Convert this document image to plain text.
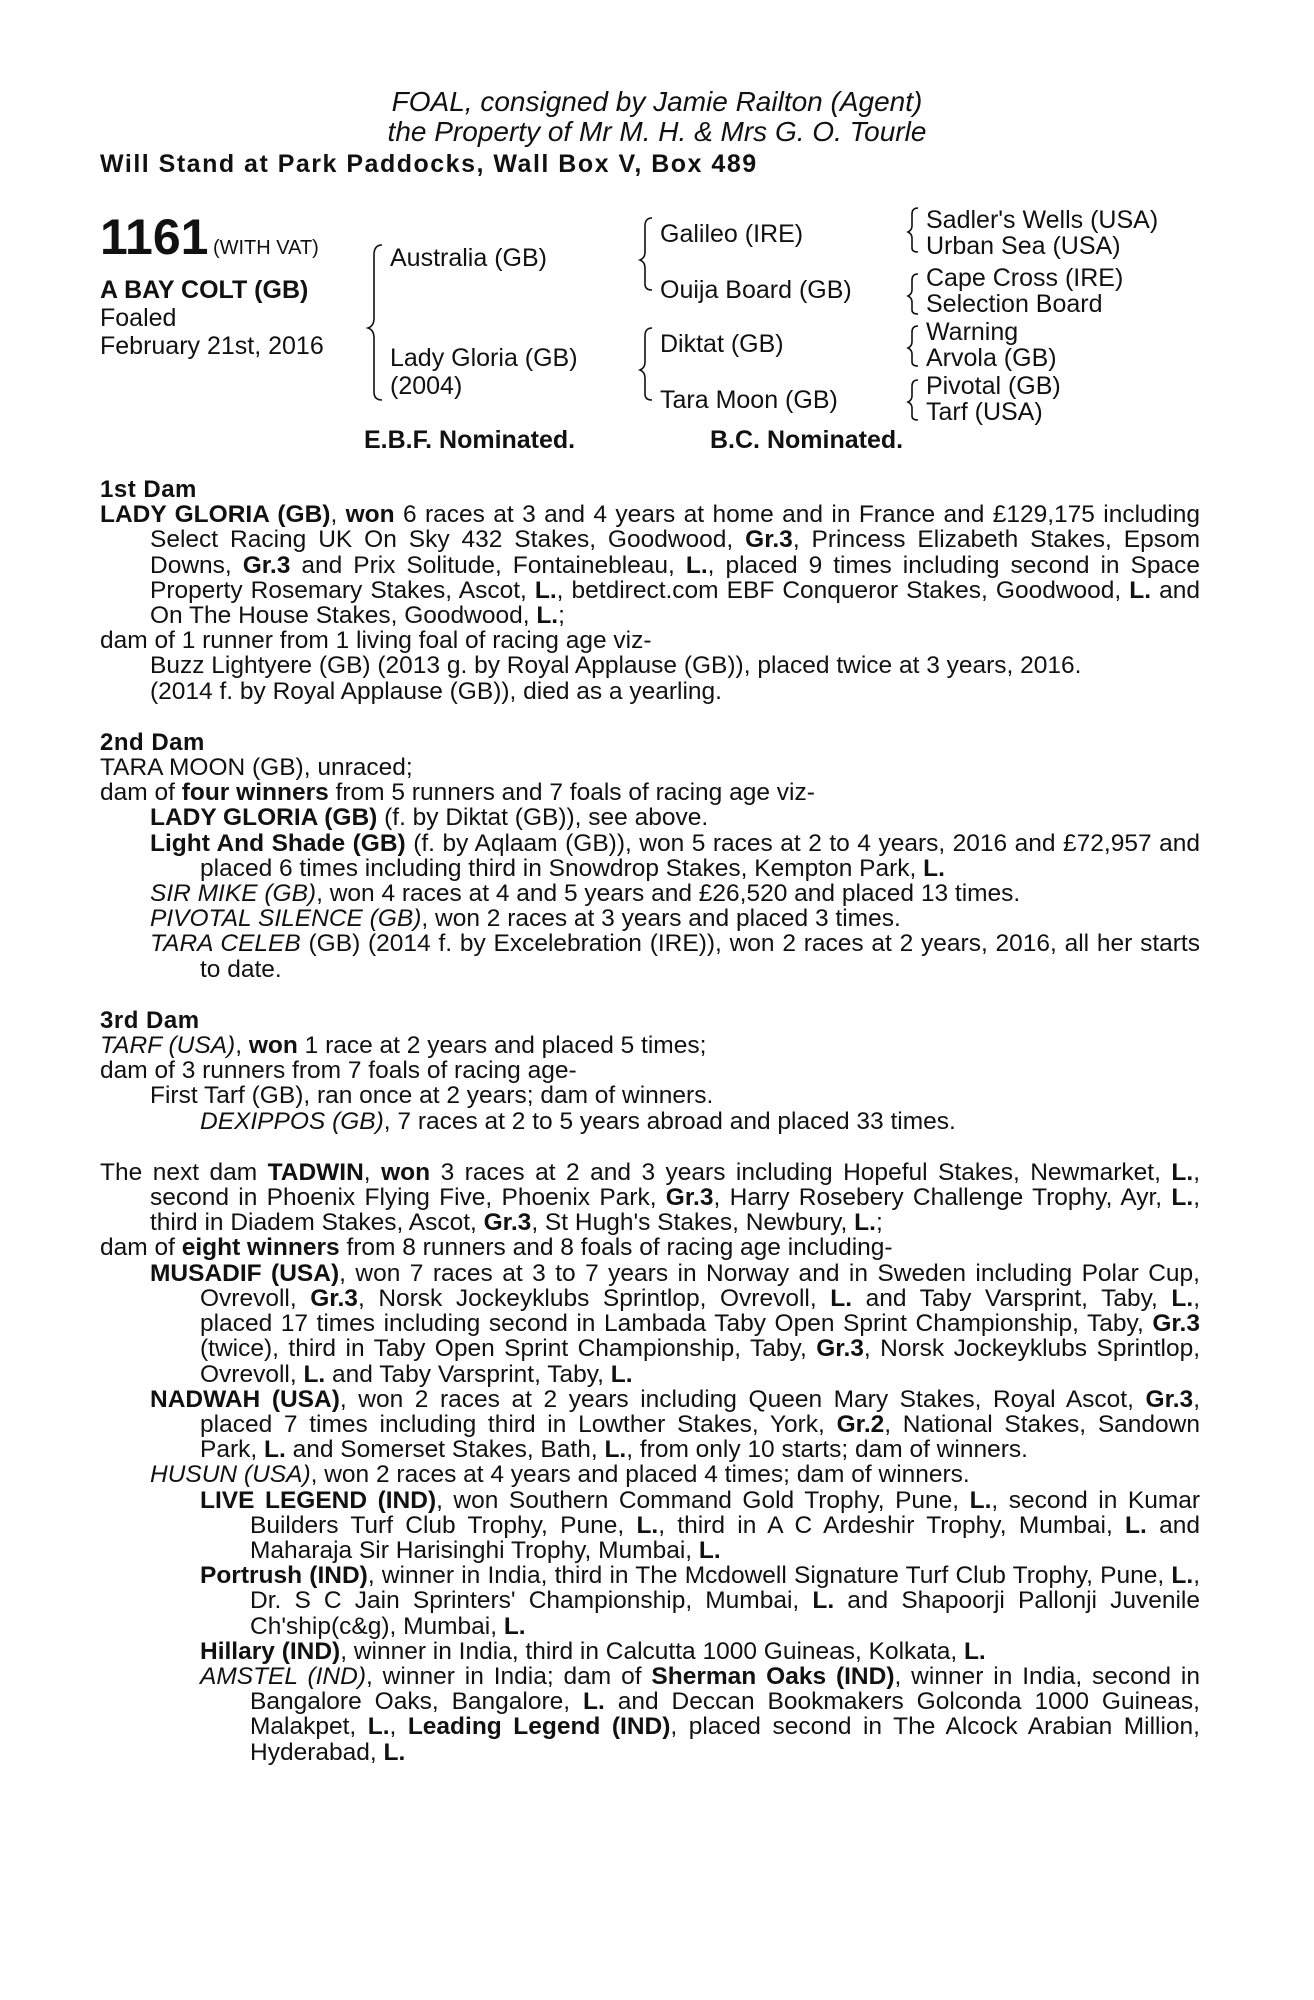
FOAL, consigned by Jamie Railton (Agent)
the Property of Mr M. H. & Mrs G. O. Tourle
Will Stand at Park Paddocks, Wall Box V, Box 489
1161 (WITH VAT)
A BAY COLT (GB)
Foaled
February 21st, 2016
Australia (GB)
Lady Gloria (GB)
(2004)
Galileo (IRE)
Ouija Board (GB)
Diktat (GB)
Tara Moon (GB)
Sadler's Wells (USA)
Urban Sea (USA)
Cape Cross (IRE)
Selection Board
Warning
Arvola (GB)
Pivotal (GB)
Tarf (USA)
E.B.F. Nominated.	B.C. Nominated.

1st Dam

LADY GLORIA (GB), won 6 races at 3 and 4 years at home and in France and £129,175 including Select Racing UK On Sky 432 Stakes, Goodwood, Gr.3, Princess Elizabeth Stakes, Epsom Downs, Gr.3 and Prix Solitude, Fontainebleau, L., placed 9 times including second in Space Property Rosemary Stakes, Ascot, L., betdirect.com EBF Conqueror Stakes, Goodwood, L. and On The House Stakes, Goodwood, L.;

dam of 1 runner from 1 living foal of racing age viz-

Buzz Lightyere (GB) (2013 g. by Royal Applause (GB)), placed twice at 3 years, 2016.

(2014 f. by Royal Applause (GB)), died as a yearling.

2nd Dam

TARA MOON (GB), unraced;

dam of four winners from 5 runners and 7 foals of racing age viz-

LADY GLORIA (GB) (f. by Diktat (GB)), see above.

Light And Shade (GB) (f. by Aqlaam (GB)), won 5 races at 2 to 4 years, 2016 and £72,957 and placed 6 times including third in Snowdrop Stakes, Kempton Park, L.

SIR MIKE (GB), won 4 races at 4 and 5 years and £26,520 and placed 13 times.

PIVOTAL SILENCE (GB), won 2 races at 3 years and placed 3 times.

TARA CELEB (GB) (2014 f. by Excelebration (IRE)), won 2 races at 2 years, 2016, all her starts to date.

3rd Dam

TARF (USA), won 1 race at 2 years and placed 5 times;

dam of 3 runners from 7 foals of racing age-

First Tarf (GB), ran once at 2 years; dam of winners.

DEXIPPOS (GB), 7 races at 2 to 5 years abroad and placed 33 times.

The next dam TADWIN, won 3 races at 2 and 3 years including Hopeful Stakes, Newmarket, L., second in Phoenix Flying Five, Phoenix Park, Gr.3, Harry Rosebery Challenge Trophy, Ayr, L., third in Diadem Stakes, Ascot, Gr.3, St Hugh's Stakes, Newbury, L.;

dam of eight winners from 8 runners and 8 foals of racing age including-

MUSADIF (USA), won 7 races at 3 to 7 years in Norway and in Sweden including Polar Cup, Ovrevoll, Gr.3, Norsk Jockeyklubs Sprintlop, Ovrevoll, L. and Taby Varsprint, Taby, L., placed 17 times including second in Lambada Taby Open Sprint Championship, Taby, Gr.3 (twice), third in Taby Open Sprint Championship, Taby, Gr.3, Norsk Jockeyklubs Sprintlop, Ovrevoll, L. and Taby Varsprint, Taby, L.

NADWAH (USA), won 2 races at 2 years including Queen Mary Stakes, Royal Ascot, Gr.3, placed 7 times including third in Lowther Stakes, York, Gr.2, National Stakes, Sandown Park, L. and Somerset Stakes, Bath, L., from only 10 starts; dam of winners.

HUSUN (USA), won 2 races at 4 years and placed 4 times; dam of winners.

LIVE LEGEND (IND), won Southern Command Gold Trophy, Pune, L., second in Kumar Builders Turf Club Trophy, Pune, L., third in A C Ardeshir Trophy, Mumbai, L. and Maharaja Sir Harisinghi Trophy, Mumbai, L.

Portrush (IND), winner in India, third in The Mcdowell Signature Turf Club Trophy, Pune, L., Dr. S C Jain Sprinters' Championship, Mumbai, L. and Shapoorji Pallonji Juvenile Ch'ship(c&g), Mumbai, L.

Hillary (IND), winner in India, third in Calcutta 1000 Guineas, Kolkata, L.

AMSTEL (IND), winner in India; dam of Sherman Oaks (IND), winner in India, second in Bangalore Oaks, Bangalore, L. and Deccan Bookmakers Golconda 1000 Guineas, Malakpet, L., Leading Legend (IND), placed second in The Alcock Arabian Million, Hyderabad, L.
